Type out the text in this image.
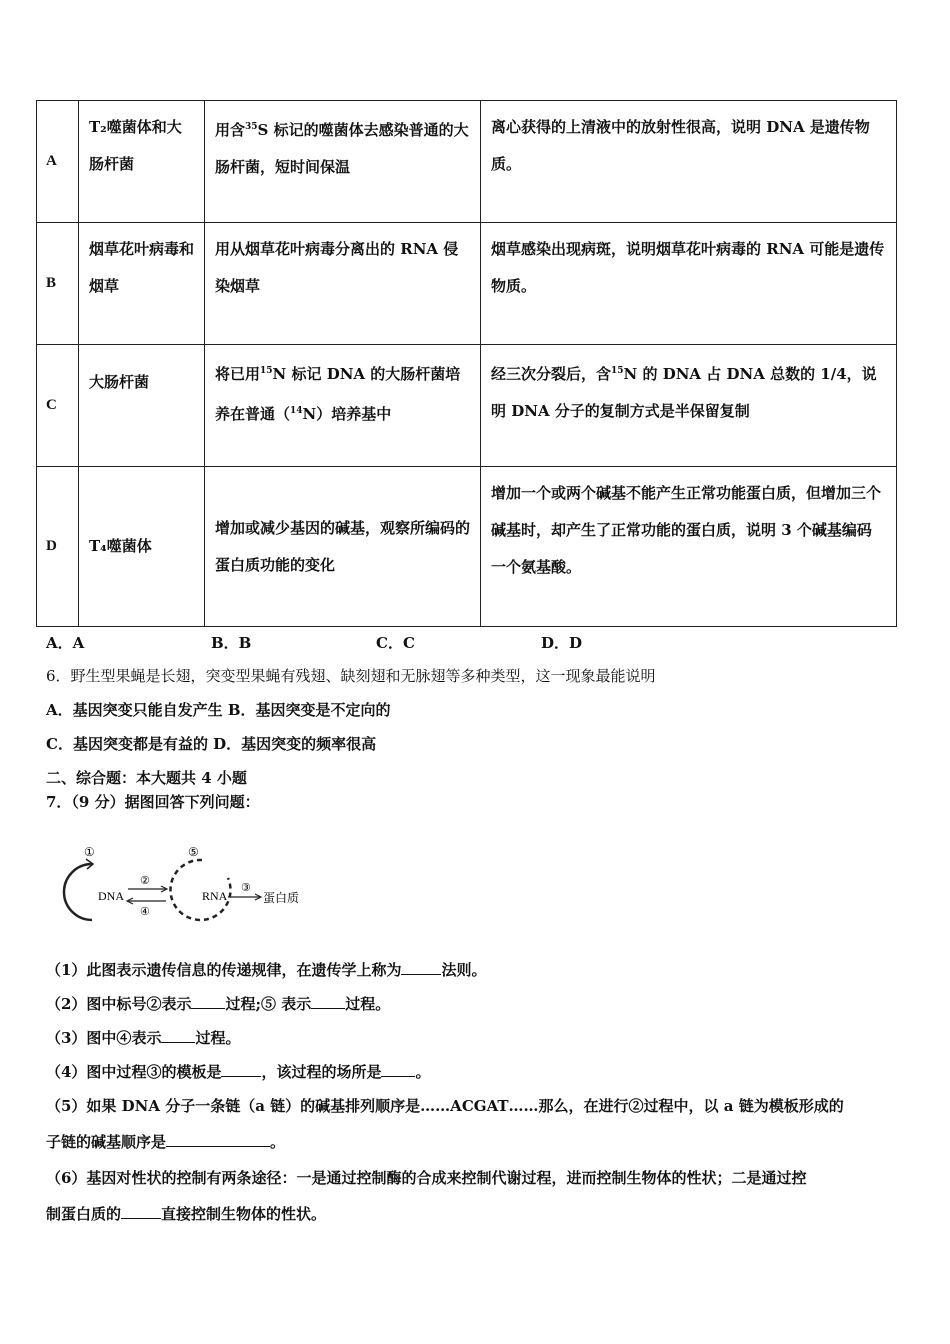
A	T₂噬菌体和大肠杆菌	用含$^{35}$S 标记的噬菌体去感染普通的大肠杆菌，短时间保温	离心获得的上清液中的放射性很高，说明 DNA 是遗传物质。
B	烟草花叶病毒和烟草	用从烟草花叶病毒分离出的 RNA 侵染烟草	烟草感染出现病斑，说明烟草花叶病毒的 RNA 可能是遗传物质。
C	大肠杆菌	将已用$^{15}$N 标记 DNA 的大肠杆菌培养在普通（$^{14}$N）培养基中	经三次分裂后，含$^{15}$N 的 DNA 占 DNA 总数的 1/4，说明 DNA 分子的复制方式是半保留复制
D	T₄噬菌体	增加或减少基因的碱基，观察所编码的蛋白质功能的变化	增加一个或两个碱基不能产生正常功能蛋白质，但增加三个碱基时，却产生了正常功能的蛋白质，说明 3 个碱基编码一个氨基酸。
A．A	B．B	C．C	D．D
6．野生型果蝇是长翅，突变型果蝇有残翅、缺刻翅和无脉翅等多种类型，这一现象最能说明
A．基因突变只能自发产生 B．基因突变是不定向的
C．基因突变都是有益的 D．基因突变的频率很高
二、综合题：本大题共 4 小题
7．（9 分）据图回答下列问题：
①
DNA
②
④
⑤
RNA
③
蛋白质
（1）此图表示遗传信息的传递规律，在遗传学上称为	法则。
（2）图中标号②表示 过程;⑤ 表示 过程。
（3）图中④表示 过程。
（4）图中过程③的模板是	，该过程的场所是 。
（5）如果 DNA 分子一条链（a 链）的碱基排列顺序是……ACGAT……那么，在进行②过程中，以 a 链为模板形成的
子链的碱基顺序是	。
（6）基因对性状的控制有两条途径：一是通过控制酶的合成来控制代谢过程，进而控制生物体的性状；二是通过控
制蛋白质的	直接控制生物体的性状。
